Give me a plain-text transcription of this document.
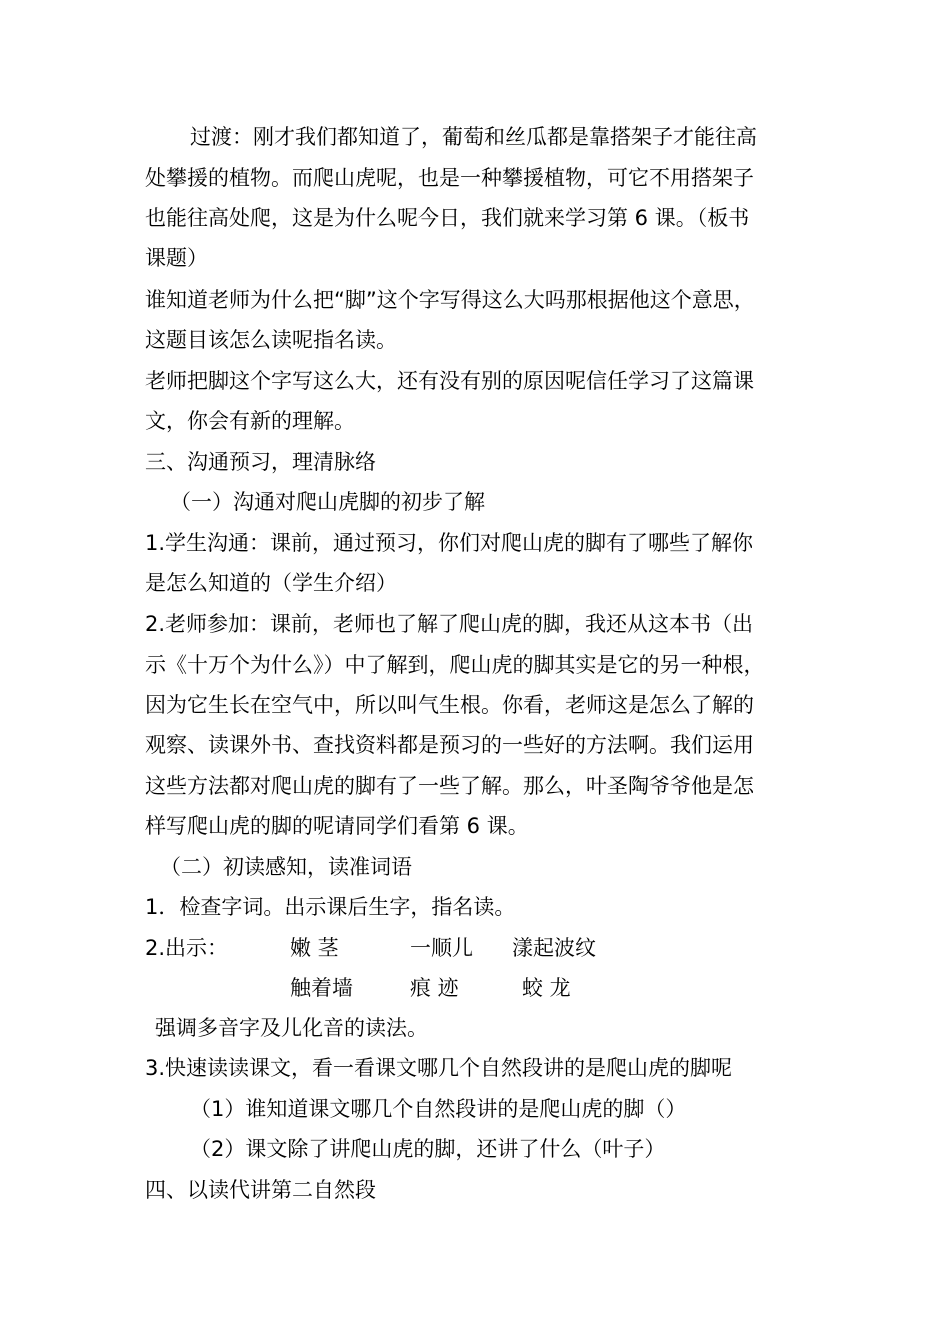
过渡：刚才我们都知道了，葡萄和丝瓜都是靠搭架子才能往高
处攀援的植物。而爬山虎呢，也是一种攀援植物，可它不用搭架子
也能往高处爬，这是为什么呢今日，我们就来学习第 6 课。（板书
课题）
谁知道老师为什么把“脚”这个字写得这么大吗那根据他这个意思，
这题目该怎么读呢指名读。
老师把脚这个字写这么大，还有没有别的原因呢信任学习了这篇课
文，你会有新的理解。
三、沟通预习，理清脉络
（一）沟通对爬山虎脚的初步了解
1.学生沟通：课前，通过预习，你们对爬山虎的脚有了哪些了解你
是怎么知道的（学生介绍）
2.老师参加：课前，老师也了解了爬山虎的脚，我还从这本书（出
示《十万个为什么》）中了解到，爬山虎的脚其实是它的另一种根，
因为它生长在空气中，所以叫气生根。你看，老师这是怎么了解的
观察、读课外书、查找资料都是预习的一些好的方法啊。我们运用
这些方法都对爬山虎的脚有了一些了解。那么，叶圣陶爷爷他是怎
样写爬山虎的脚的呢请同学们看第 6 课。
（二）初读感知，读准词语
1．检查字词。出示课后生字，指名读。
2.出示：	嫩 茎	一顺儿 漾起波纹
触着墙	痕 迹	蛟 龙
强调多音字及儿化音的读法。
3.快速读读课文，看一看课文哪几个自然段讲的是爬山虎的脚呢
（1）谁知道课文哪几个自然段讲的是爬山虎的脚（）
（2）课文除了讲爬山虎的脚，还讲了什么（叶子）
四、以读代讲第二自然段
